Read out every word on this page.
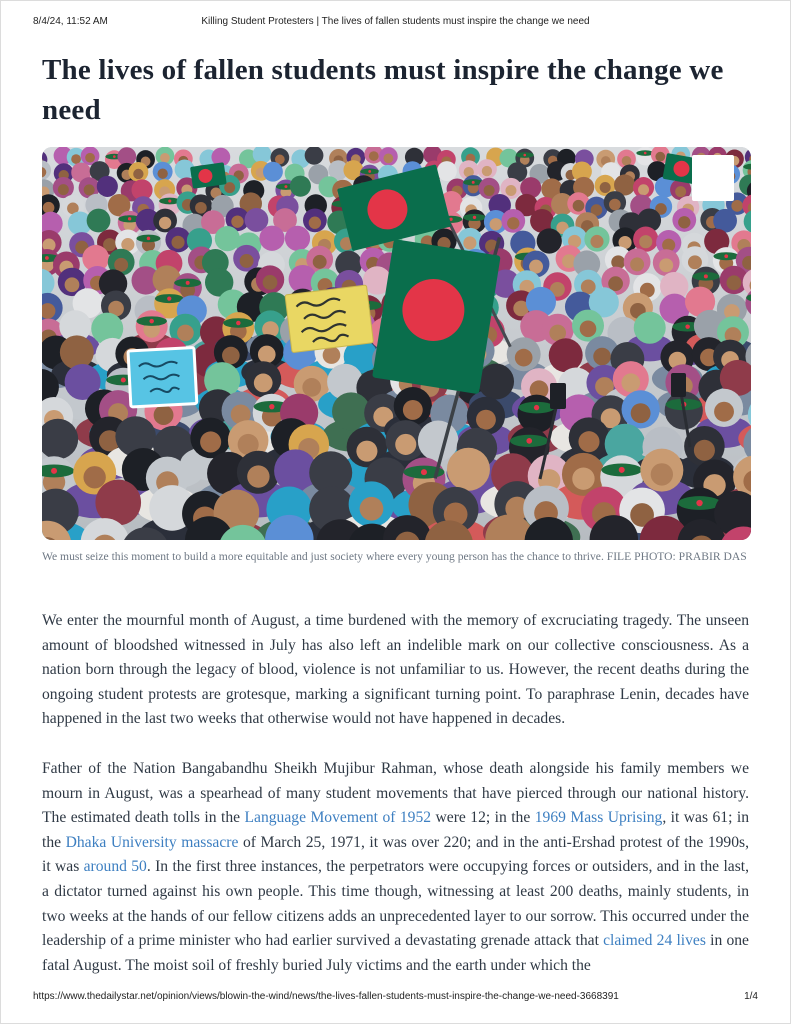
8/4/24, 11:52 AM	Killing Student Protesters | The lives of fallen students must inspire the change we need
The lives of fallen students must inspire the change we need
We must seize this moment to build a more equitable and just society where every young person has the chance to thrive. FILE PHOTO: PRABIR DAS

We enter the mournful month of August, a time burdened with the memory of excruciating tragedy. The unseen amount of bloodshed witnessed in July has also left an indelible mark on our collective consciousness. As a nation born through the legacy of blood, violence is not unfamiliar to us. However, the recent deaths during the ongoing student protests are grotesque, marking a significant turning point. To paraphrase Lenin, decades have happened in the last two weeks that otherwise would not have happened in decades.

Father of the Nation Bangabandhu Sheikh Mujibur Rahman, whose death alongside his family members we mourn in August, was a spearhead of many student movements that have pierced through our national history. The estimated death tolls in the Language Movement of 1952 were 12; in the 1969 Mass Uprising, it was 61; in the Dhaka University massacre of March 25, 1971, it was over 220; and in the anti-Ershad protest of the 1990s, it was around 50. In the first three instances, the perpetrators were occupying forces or outsiders, and in the last, a dictator turned against his own people. This time though, witnessing at least 200 deaths, mainly students, in two weeks at the hands of our fellow citizens adds an unprecedented layer to our sorrow. This occurred under the leadership of a prime minister who had earlier survived a devastating grenade attack that claimed 24 lives in one fatal August. The moist soil of freshly buried July victims and the earth under which the

https://www.thedailystar.net/opinion/views/blowin-the-wind/news/the-lives-fallen-students-must-inspire-the-change-we-need-3668391	1/4
